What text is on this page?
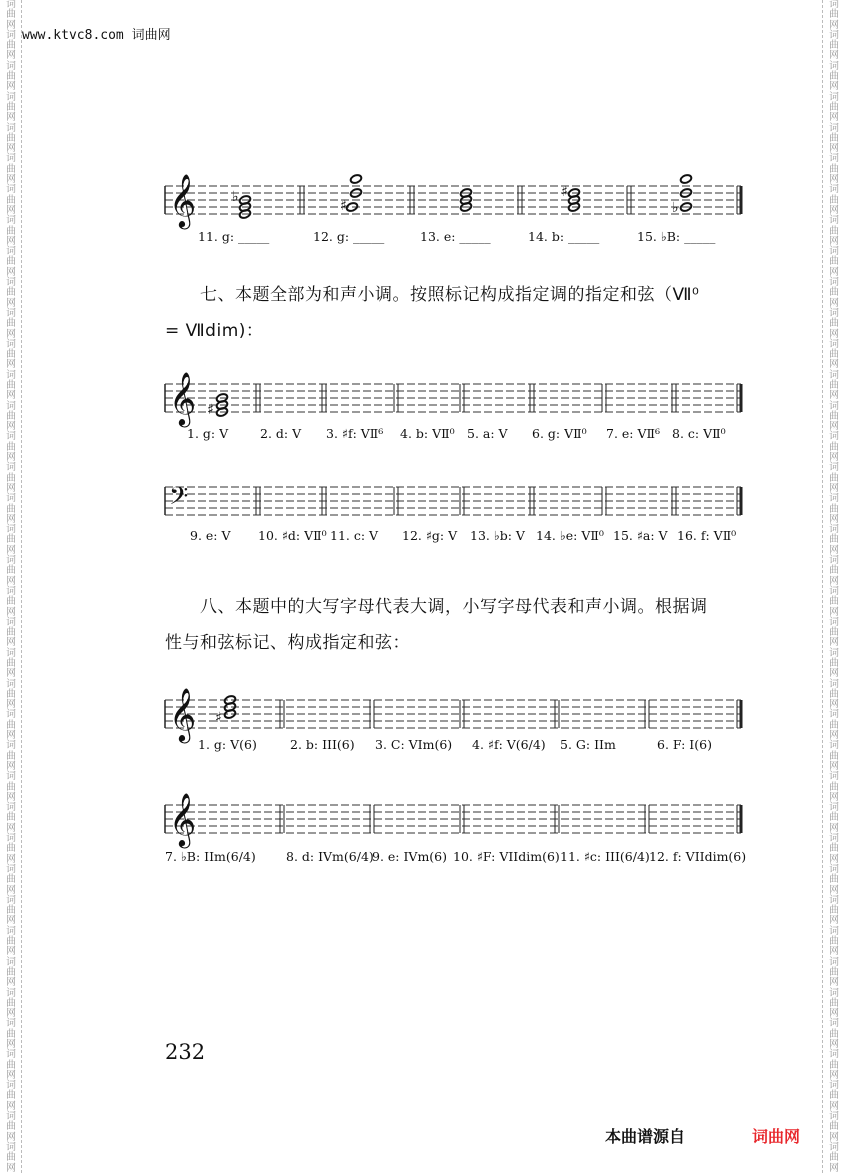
词
曲
网
词
曲
网
词
曲
网
词
曲
网
词
曲
网
词
曲
网
词
曲
网
词
曲
网
词
曲
网
词
曲
网
词
曲
网
词
曲
网
词
曲
网
词
曲
网
词
曲
网
词
曲
网
词
曲
网
词
曲
网
词
曲
网
词
曲
网
词
曲
网
词
曲
网
词
曲
网
词
曲
网
词
曲
网
词
曲
网
词
曲
网
词
曲
网
词
曲
网
词
曲
网
词
曲
网
词
曲
网
词
曲
网
词
曲
网
词
曲
网
词
曲
网
词
曲
网
词
曲
网
词
曲
网
词
曲
网
词
曲
网
词
曲
网
词
曲
网
词
曲
网
词
曲
网
词
曲
网
词
曲
网
词
曲
网
词
曲
网
词
曲
网
词
曲
网
词
曲
网
词
曲
网
词
曲
网
词
曲
网
词
曲
网
词
曲
网
词
曲
网
词
曲
网
词
曲
网
词
曲
网
词
曲
网
词
曲
网
词
曲
网
词
曲
网
词
曲
网
词
曲
网
词
曲
网
词
曲
网
词
曲
网
词
曲
网
词
曲
网
词
曲
网
词
曲
网
词
曲
网
词
曲
网
www.ktvc8.com 词曲网
𝄞	♭
♯
♯
♭
𝄞 ♯
𝄢
𝄞 ♯
𝄞
七、本题全部为和声小调。按照标记构成指定调的指定和弦（Ⅶ⁰
= Ⅶdim)：
八、本题中的大写字母代表大调，小写字母代表和声小调。根据调
性与和弦标记、构成指定和弦：
11. g: _____	12. g: _____	13. e: _____	14. b: _____	15. ♭B: _____
1. g: V	2. d: V 3. ♯f: VⅡ⁶ 4. b: VⅡ⁰ 5. a: V 6. g: VⅡ⁰ 7. e: VⅡ⁶ 8. c: VⅡ⁰
9. e: V 10. ♯d: VⅡ⁰ 11. c: V 12. ♯g: V 13. ♭b: V 14. ♭e: VⅡ⁰ 15. ♯a: V 16. f: VⅡ⁰
1. g: V(6)	2. b: III(6) 3. C: VIm(6) 4. ♯f: V(6/4) 5. G: IIm	6. F: I(6)
7. ♭B: IIm(6/4) 8. d: IVm(6/4)
9. e: IVm(6) 10. ♯F: VIIdim(6) 11. ♯c: III(6/4) 12. f: VIIdim(6)
232
本曲谱源自	词曲网
